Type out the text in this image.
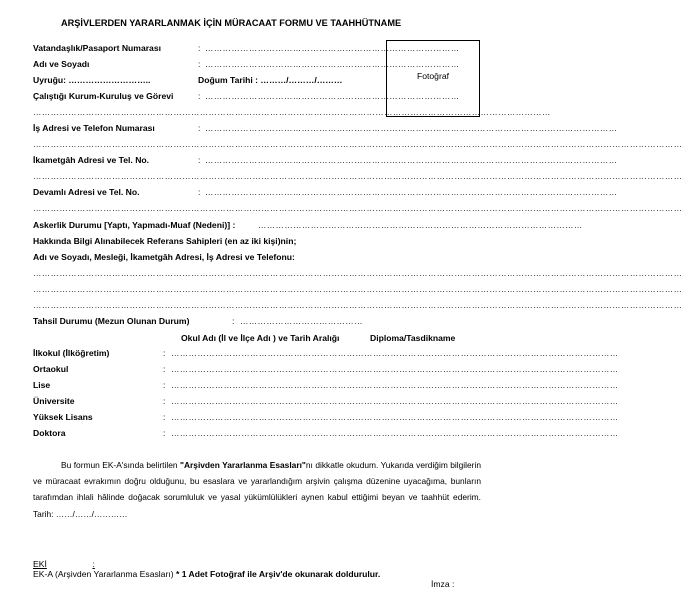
ARŞİVLERDEN YARARLANMAK İÇİN MÜRACAAT FORMU VE TAAHHÜTNAME
Fotoğraf
Vatandaşlık/Pasaport Numarası	: ……………………………………………………………………………
Adı ve Soyadı	: ……………………………………………………………………………
Uyruğu: ………………………..	Doğum Tarihi : ………/………/………
Çalıştığı Kurum-Kuruluş ve Görevi	: ……………………………………………………………………………
……………………………………………………………………………………………………………………………………………………………
İş Adresi ve Telefon Numarası	: ……………………………………………………………………………………………………………………………
……………………………………………………………………………………………………………………………………………………………………………………………………
İkametgâh Adresi ve Tel. No.	: ……………………………………………………………………………………………………………………………
……………………………………………………………………………………………………………………………………………………………………………………………………
Devamlı Adresi ve Tel. No.	: ……………………………………………………………………………………………………………………………
……………………………………………………………………………………………………………………………………………………………………………………………………
Askerlik Durumu [Yaptı, Yapmadı-Muaf (Nedeni)] :	…………………………………………………………………………………………………
Hakkında Bilgi Alınabilecek Referans Sahipleri (en az iki kişi)nin;
Adı ve Soyadı, Mesleği, İkametgâh Adresi, İş Adresi ve Telefonu:
……………………………………………………………………………………………………………………………………………………………………………………………………
……………………………………………………………………………………………………………………………………………………………………………………………………
……………………………………………………………………………………………………………………………………………………………………………………………………
Tahsil Durumu (Mezun Olunan Durum)	: ……………………………………
Okul Adı (İl ve İlçe Adı ) ve Tarih Aralığı	Diploma/Tasdikname
İlkokul (İlköğretim)	: ………………………………………………………………………………………………………………………………………
Ortaokul	: ………………………………………………………………………………………………………………………………………
Lise	: ………………………………………………………………………………………………………………………………………
Üniversite	: ………………………………………………………………………………………………………………………………………
Yüksek Lisans	: ………………………………………………………………………………………………………………………………………
Doktora	: ………………………………………………………………………………………………………………………………………
Bu formun EK-A'sında belirtilen "Arşivden Yararlanma Esasları"nı dikkatle okudum. Yukarıda verdiğim bilgilerin ve müracaat evrakımın doğru olduğunu, bu esaslara ve yararlandığım arşivin çalışma düzenine uyacağıma, bunların tarafımdan ihlali hâlinde doğacak sorumluluk ve yasal yükümlülükleri aynen kabul ettiğimi beyan ve taahhüt ederim. Tarih: ……/……/…………
EKİ	:
EK-A (Arşivden Yararlanma Esasları) * 1 Adet Fotoğraf ile Arşiv'de okunarak doldurulur.
İmza :
